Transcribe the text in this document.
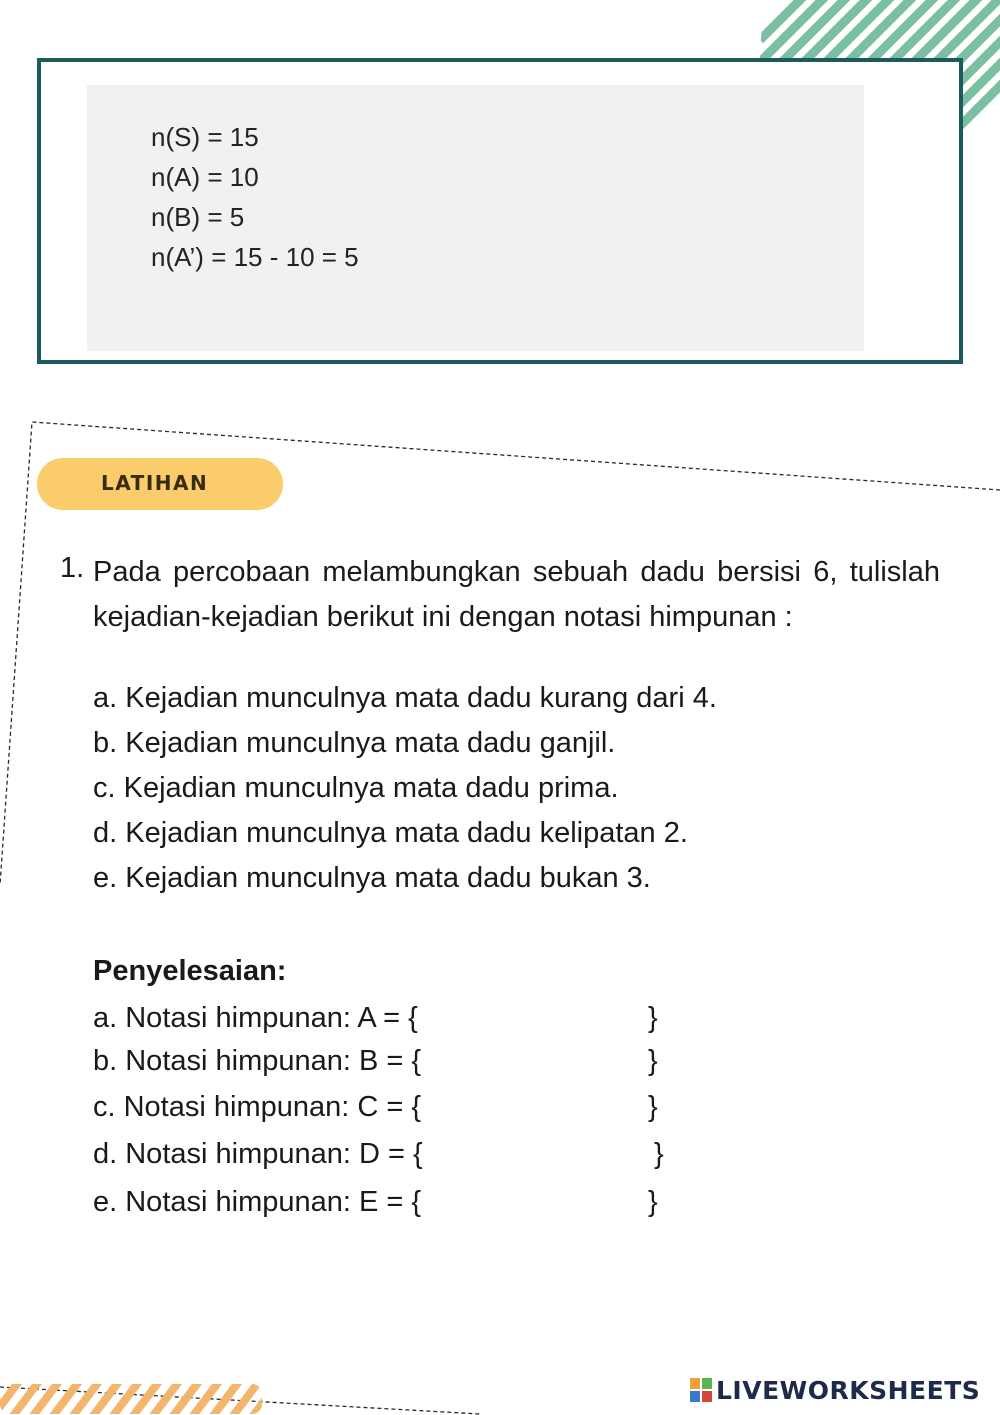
n(S) = 15
n(A) = 10
n(B) = 5
n(A’) = 15 - 10 = 5
LATIHAN
1. Pada percobaan melambungkan sebuah dadu bersisi 6, tulislah kejadian-kejadian berikut ini dengan notasi himpunan :
a. Kejadian munculnya mata dadu kurang dari 4.
b. Kejadian munculnya mata dadu ganjil.
c. Kejadian munculnya mata dadu prima.
d. Kejadian munculnya mata dadu kelipatan 2.
e. Kejadian munculnya mata dadu bukan 3.
Penyelesaian:
a. Notasi himpunan: A = {	}
b. Notasi himpunan: B = {	}
c. Notasi himpunan: C = {	}
d. Notasi himpunan: D = {	}
e. Notasi himpunan: E = {	}
LIVEWORKSHEETS
